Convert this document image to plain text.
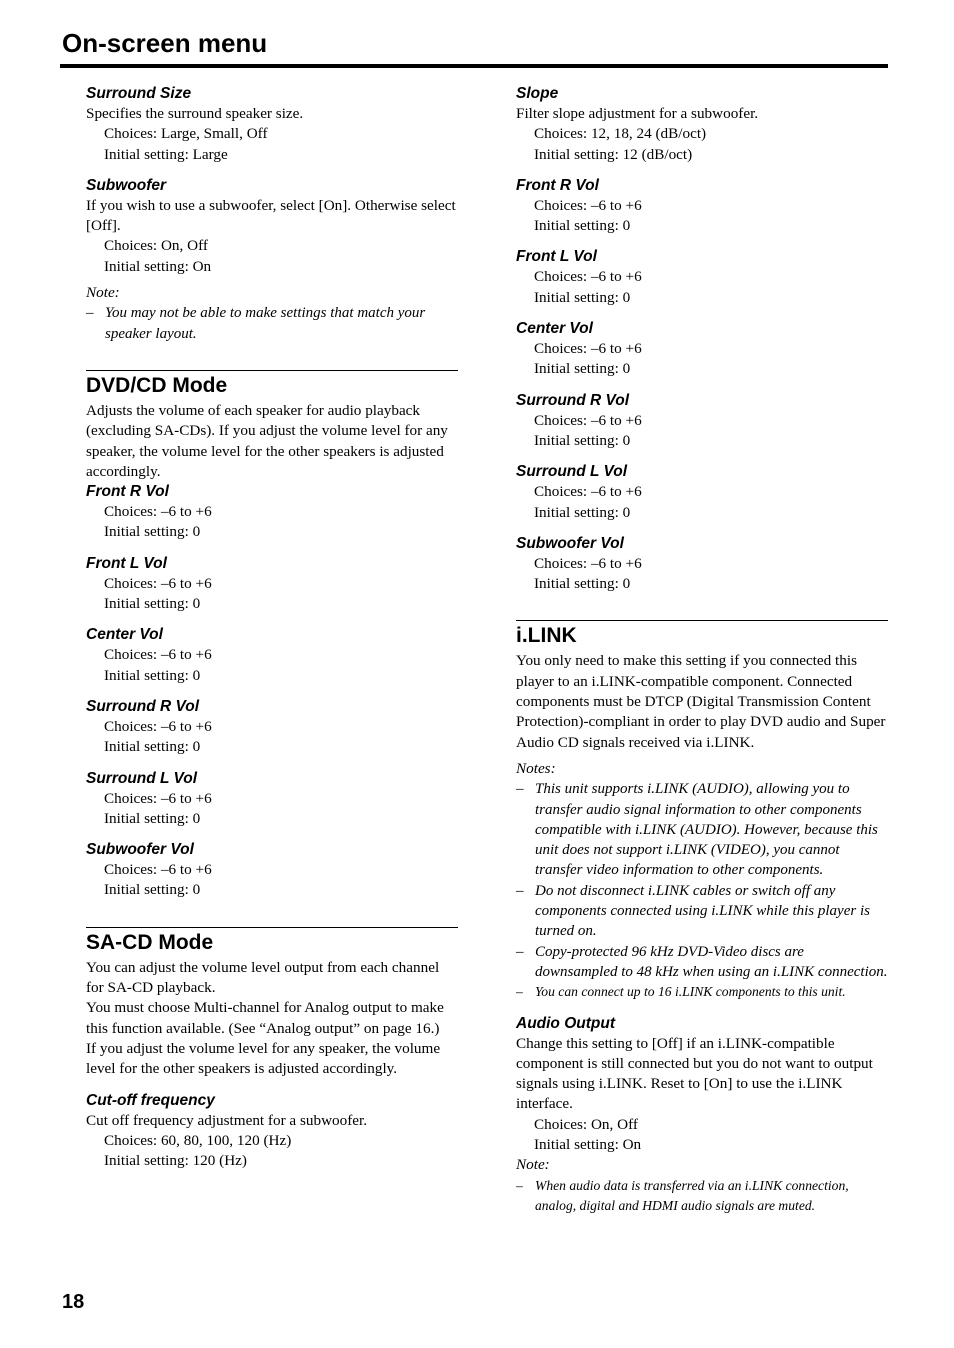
On-screen menu
Surround Size
Specifies the surround speaker size.
Choices: Large, Small, Off
Initial setting: Large
Subwoofer
If you wish to use a subwoofer, select [On]. Otherwise select [Off].
Choices: On, Off
Initial setting: On
Note:
– You may not be able to make settings that match your speaker layout.
DVD/CD Mode
Adjusts the volume of each speaker for audio playback (excluding SA-CDs). If you adjust the volume level for any speaker, the volume level for the other speakers is adjusted accordingly.
Front R Vol
Choices: –6 to +6
Initial setting: 0
Front L Vol
Choices: –6 to +6
Initial setting: 0
Center Vol
Choices: –6 to +6
Initial setting: 0
Surround R Vol
Choices: –6 to +6
Initial setting: 0
Surround L Vol
Choices: –6 to +6
Initial setting: 0
Subwoofer Vol
Choices: –6 to +6
Initial setting: 0
SA-CD Mode
You can adjust the volume level output from each channel for SA-CD playback.
You must choose Multi-channel for Analog output to make this function available. (See “Analog output” on page 16.)
If you adjust the volume level for any speaker, the volume level for the other speakers is adjusted accordingly.
Cut-off frequency
Cut off frequency adjustment for a subwoofer.
Choices: 60, 80, 100, 120 (Hz)
Initial setting: 120 (Hz)
Slope
Filter slope adjustment for a subwoofer.
Choices: 12, 18, 24 (dB/oct)
Initial setting: 12 (dB/oct)
Front R Vol
Choices: –6 to +6
Initial setting: 0
Front L Vol
Choices: –6 to +6
Initial setting: 0
Center Vol
Choices: –6 to +6
Initial setting: 0
Surround R Vol
Choices: –6 to +6
Initial setting: 0
Surround L Vol
Choices: –6 to +6
Initial setting: 0
Subwoofer Vol
Choices: –6 to +6
Initial setting: 0
i.LINK
You only need to make this setting if you connected this player to an i.LINK-compatible component. Connected components must be DTCP (Digital Transmission Content Protection)-compliant in order to play DVD audio and Super Audio CD signals received via i.LINK.
Notes:
– This unit supports i.LINK (AUDIO), allowing you to transfer audio signal information to other components compatible with i.LINK (AUDIO). However, because this unit does not support i.LINK (VIDEO), you cannot transfer video information to other components.
– Do not disconnect i.LINK cables or switch off any components connected using i.LINK while this player is turned on.
– Copy-protected 96 kHz DVD-Video discs are downsampled to 48 kHz when using an i.LINK connection.
– You can connect up to 16 i.LINK components to this unit.
Audio Output
Change this setting to [Off] if an i.LINK-compatible component is still connected but you do not want to output signals using i.LINK. Reset to [On] to use the i.LINK interface.
Choices: On, Off
Initial setting: On
Note:
– When audio data is transferred via an i.LINK connection, analog, digital and HDMI audio signals are muted.
18
